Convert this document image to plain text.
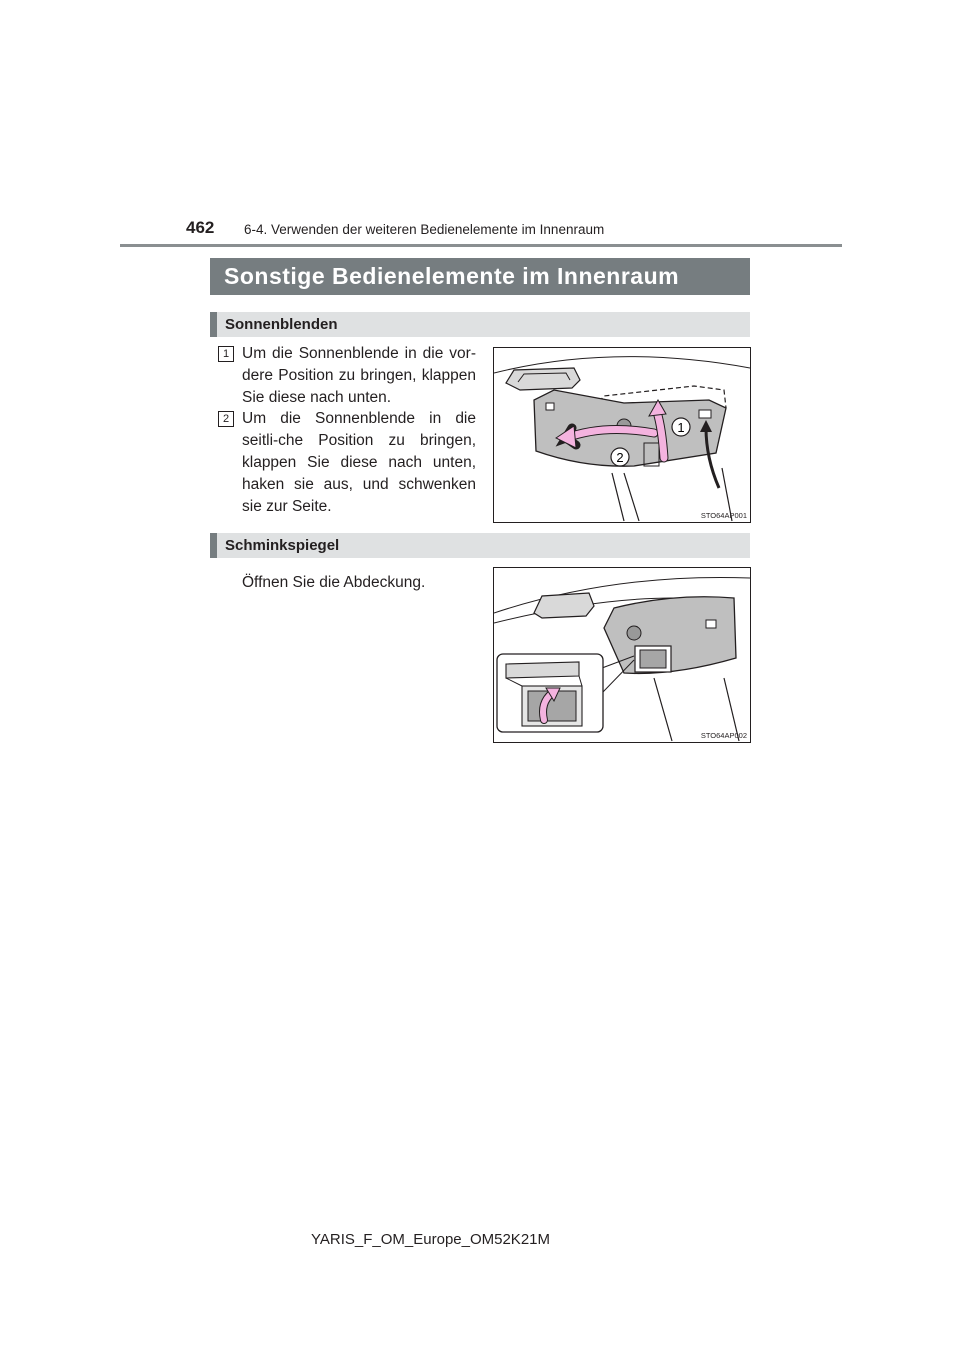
462 6-4. Verwenden der weiteren Bedienelemente im Innenraum
Sonstige Bedienelemente im Innenraum
Sonnenblenden
1 Um die Sonnenblende in die vor-dere Position zu bringen, klappen Sie diese nach unten.
2 Um die Sonnenblende in die seitli-che Position zu bringen, klappen Sie diese nach unten, haken sie aus, und schwenken sie zur Seite.
1
2
STO64AP001
Schminkspiegel
Öffnen Sie die Abdeckung.
STO64AP002
YARIS_F_OM_Europe_OM52K21M
